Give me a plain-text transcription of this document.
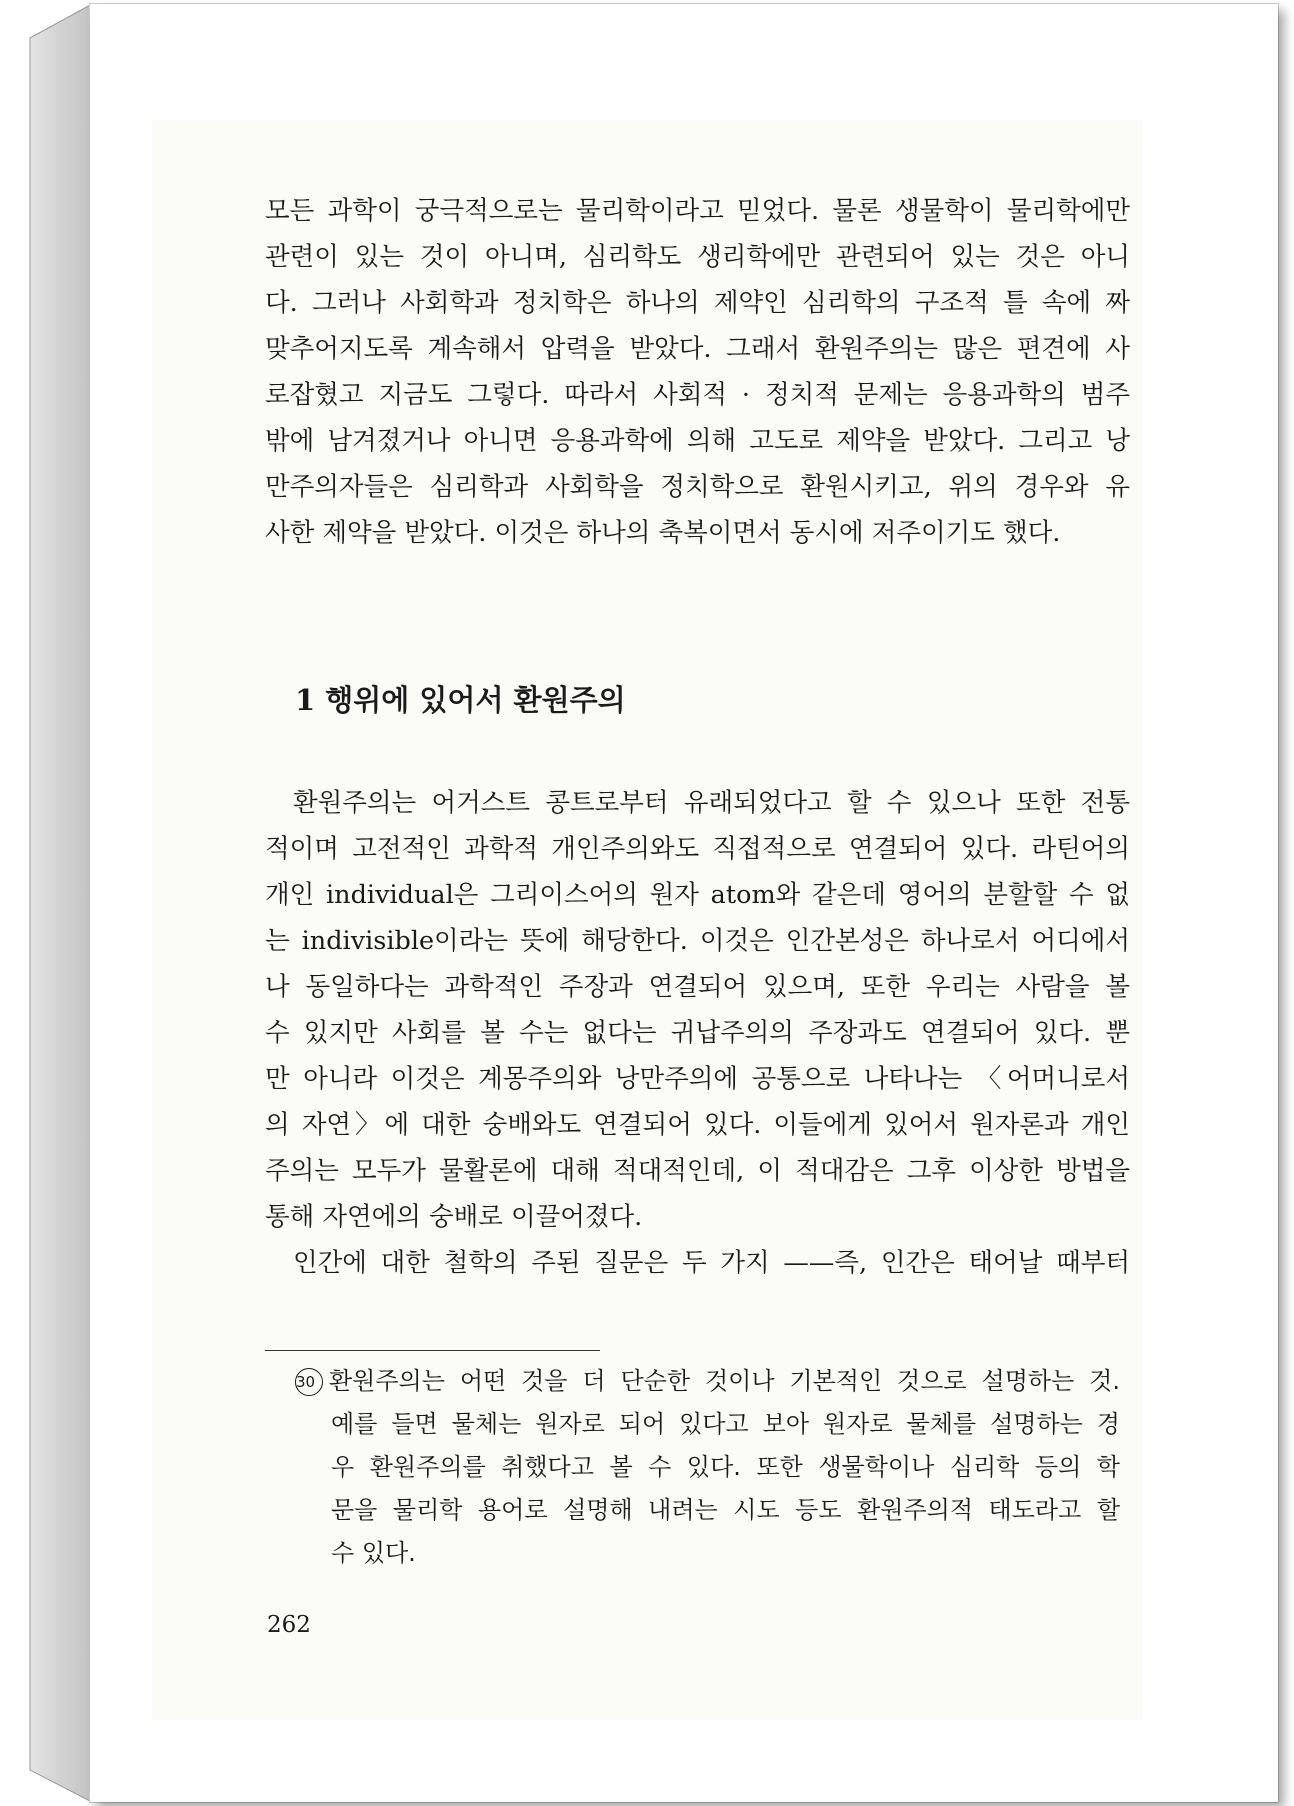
모든 과학이 궁극적으로는 물리학이라고 믿었다. 물론 생물학이 물리학에만
관련이 있는 것이 아니며, 심리학도 생리학에만 관련되어 있는 것은 아니
다. 그러나 사회학과 정치학은 하나의 제약인 심리학의 구조적 틀 속에 짜
맞추어지도록 계속해서 압력을 받았다. 그래서 환원주의는 많은 편견에 사
로잡혔고 지금도 그렇다. 따라서 사회적 · 정치적 문제는 응용과학의 범주
밖에 남겨졌거나 아니면 응용과학에 의해 고도로 제약을 받았다. 그리고 낭
만주의자들은 심리학과 사회학을 정치학으로 환원시키고, 위의 경우와 유
사한 제약을 받았다. 이것은 하나의 축복이면서 동시에 저주이기도 했다.
1 행위에 있어서 환원주의
환원주의는 어거스트 콩트로부터 유래되었다고 할 수 있으나 또한 전통
적이며 고전적인 과학적 개인주의와도 직접적으로 연결되어 있다. 라틴어의
개인 individual은 그리이스어의 원자 atom와 같은데 영어의 분할할 수 없
는 indivisible이라는 뜻에 해당한다. 이것은 인간본성은 하나로서 어디에서
나 동일하다는 과학적인 주장과 연결되어 있으며, 또한 우리는 사람을 볼
수 있지만 사회를 볼 수는 없다는 귀납주의의 주장과도 연결되어 있다. 뿐
만 아니라 이것은 계몽주의와 낭만주의에 공통으로 나타나는 〈어머니로서
의 자연〉에 대한 숭배와도 연결되어 있다. 이들에게 있어서 원자론과 개인
주의는 모두가 물활론에 대해 적대적인데, 이 적대감은 그후 이상한 방법을
통해 자연에의 숭배로 이끌어졌다.
인간에 대한 철학의 주된 질문은 두 가지 ——즉, 인간은 태어날 때부터
30 환원주의는 어떤 것을 더 단순한 것이나 기본적인 것으로 설명하는 것.
예를 들면 물체는 원자로 되어 있다고 보아 원자로 물체를 설명하는 경
우 환원주의를 취했다고 볼 수 있다. 또한 생물학이나 심리학 등의 학
문을 물리학 용어로 설명해 내려는 시도 등도 환원주의적 태도라고 할
수 있다.
262
